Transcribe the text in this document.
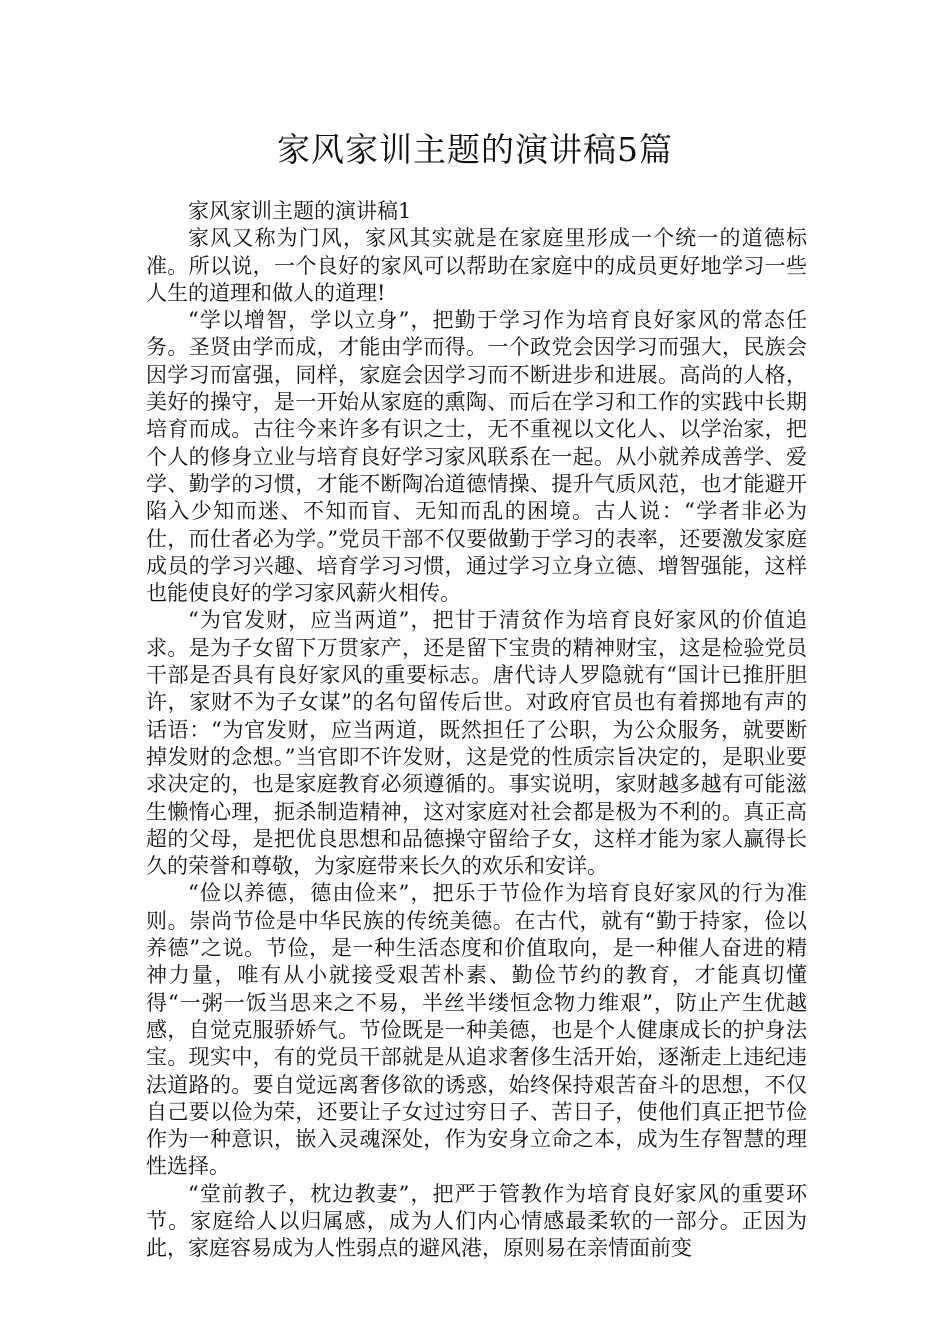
家风家训主题的演讲稿5篇

家风家训主题的演讲稿1

家风又称为门风，家风其实就是在家庭里形成一个统一的道德标准。所以说，一个良好的家风可以帮助在家庭中的成员更好地学习一些人生的道理和做人的道理!

“学以增智，学以立身”，把勤于学习作为培育良好家风的常态任务。圣贤由学而成，才能由学而得。一个政党会因学习而强大，民族会因学习而富强，同样，家庭会因学习而不断进步和进展。高尚的人格，美好的操守，是一开始从家庭的熏陶、而后在学习和工作的实践中长期培育而成。古往今来许多有识之士，无不重视以文化人、以学治家，把个人的修身立业与培育良好学习家风联系在一起。从小就养成善学、爱学、勤学的习惯，才能不断陶冶道德情操、提升气质风范，也才能避开陷入少知而迷、不知而盲、无知而乱的困境。古人说：“学者非必为仕，而仕者必为学。”党员干部不仅要做勤于学习的表率，还要激发家庭成员的学习兴趣、培育学习习惯，通过学习立身立德、增智强能，这样也能使良好的学习家风薪火相传。

“为官发财，应当两道”，把甘于清贫作为培育良好家风的价值追求。是为子女留下万贯家产，还是留下宝贵的精神财宝，这是检验党员干部是否具有良好家风的重要标志。唐代诗人罗隐就有“国计已推肝胆许，家财不为子女谋”的名句留传后世。对政府官员也有着掷地有声的话语：“为官发财，应当两道，既然担任了公职，为公众服务，就要断掉发财的念想。”当官即不许发财，这是党的性质宗旨决定的，是职业要求决定的，也是家庭教育必须遵循的。事实说明，家财越多越有可能滋生懒惰心理，扼杀制造精神，这对家庭对社会都是极为不利的。真正高超的父母，是把优良思想和品德操守留给子女，这样才能为家人赢得长久的荣誉和尊敬，为家庭带来长久的欢乐和安详。

“俭以养德，德由俭来”，把乐于节俭作为培育良好家风的行为准则。崇尚节俭是中华民族的传统美德。在古代，就有“勤于持家，俭以养德”之说。节俭，是一种生活态度和价值取向，是一种催人奋进的精神力量，唯有从小就接受艰苦朴素、勤俭节约的教育，才能真切懂得“一粥一饭当思来之不易，半丝半缕恒念物力维艰”，防止产生优越感，自觉克服骄娇气。节俭既是一种美德，也是个人健康成长的护身法宝。现实中，有的党员干部就是从追求奢侈生活开始，逐渐走上违纪违法道路的。要自觉远离奢侈欲的诱惑，始终保持艰苦奋斗的思想，不仅自己要以俭为荣，还要让子女过过穷日子、苦日子，使他们真正把节俭作为一种意识，嵌入灵魂深处，作为安身立命之本，成为生存智慧的理性选择。

“堂前教子，枕边教妻”，把严于管教作为培育良好家风的重要环节。家庭给人以归属感，成为人们内心情感最柔软的一部分。正因为此，家庭容易成为人性弱点的避风港，原则易在亲情面前变
